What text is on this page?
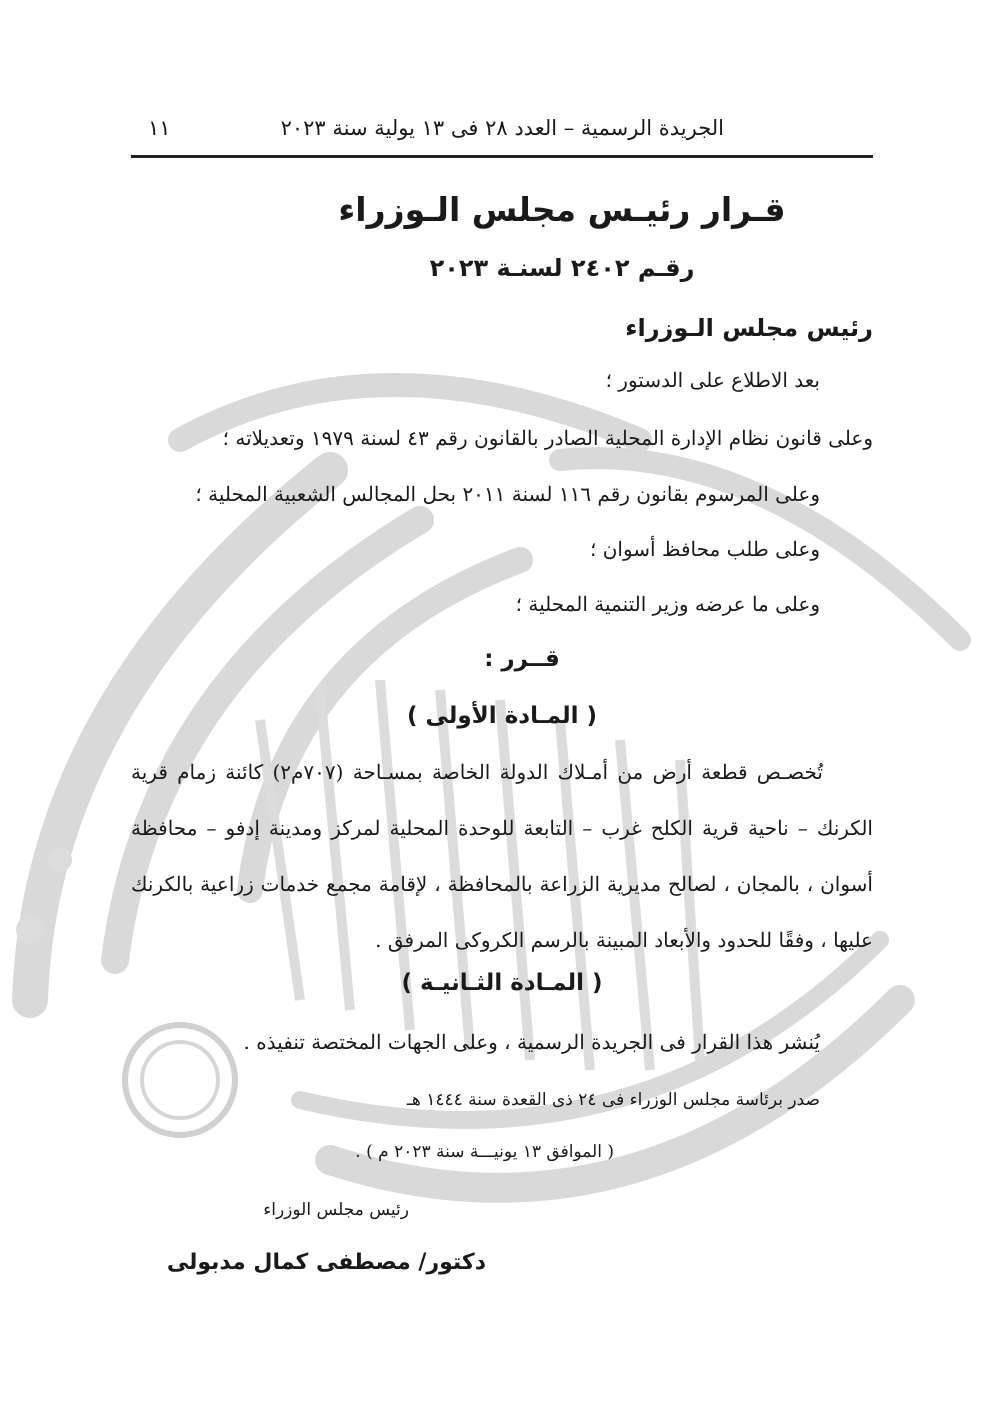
الجريدة الرسمية – العدد ٢٨ فى ١٣ يولية سنة ٢٠٢٣
١١
قـرار رئيـس مجلس الـوزراء
رقـم ٢٤٠٢ لسنـة ٢٠٢٣
رئيس مجلس الـوزراء
بعد الاطلاع على الدستور ؛
وعلى قانون نظام الإدارة المحلية الصادر بالقانون رقم ٤٣ لسنة ١٩٧٩ وتعديلاته ؛
وعلى المرسوم بقانون رقم ١١٦ لسنة ٢٠١١ بحل المجالس الشعبية المحلية ؛
وعلى طلب محافظ أسوان ؛
وعلى ما عرضه وزير التنمية المحلية ؛
قــرر :
( المـادة الأولى )
تُخصـص قطعة أرض من أمـلاك الدولة الخاصة بمسـاحة (٧٠٧م٢) كائنة زمام قرية الكرنك – ناحية قرية الكلح غرب – التابعة للوحدة المحلية لمركز ومدينة إدفو – محافظة أسوان ، بالمجان ، لصالح مديرية الزراعة بالمحافظة ، لإقامة مجمع خدمات زراعية بالكرنك عليها ، وفقًا للحدود والأبعاد المبينة بالرسم الكروكى المرفق .
( المـادة الثـانيـة )
يُنشر هذا القرار فى الجريدة الرسمية ، وعلى الجهات المختصة تنفيذه .
صدر برئاسة مجلس الوزراء فى ٢٤ ذى القعدة سنة ١٤٤٤ هـ
( الموافق ١٣ يونيـــة سنة ٢٠٢٣ م ) .
رئيس مجلس الوزراء
دكتور/ مصطفى كمال مدبولى
